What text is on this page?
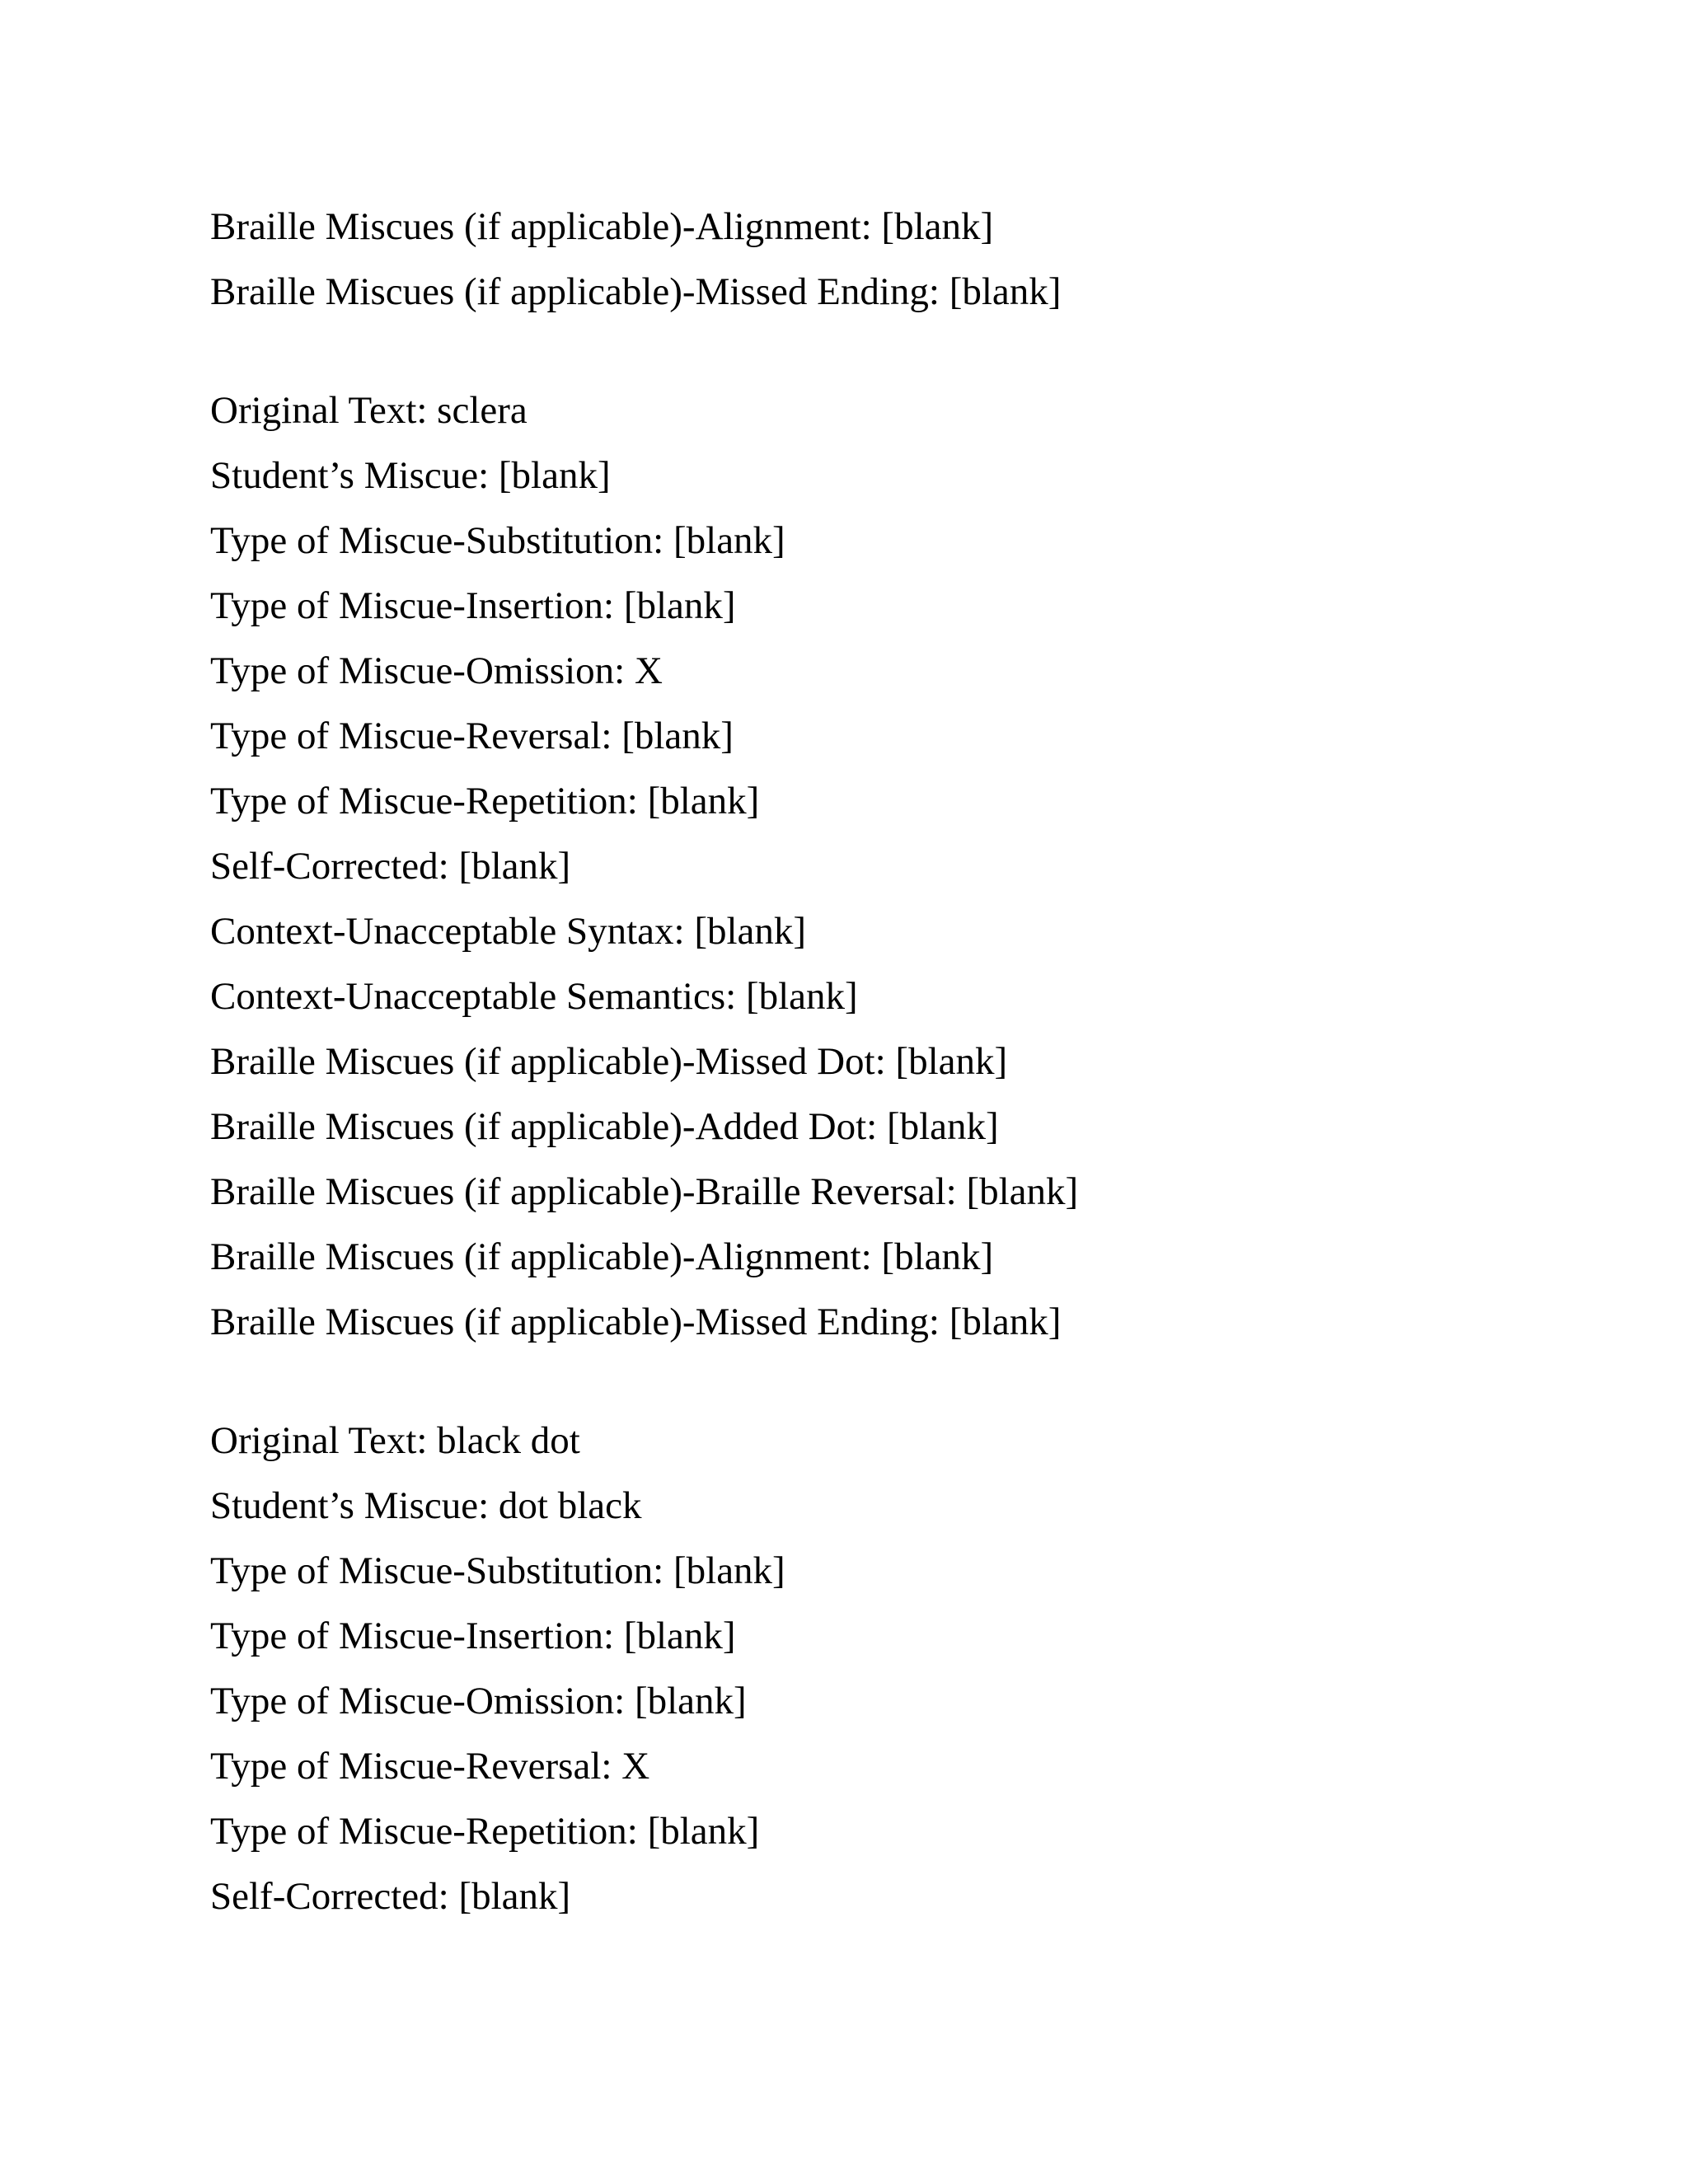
Braille Miscues (if applicable)-Alignment: [blank]
Braille Miscues (if applicable)-Missed Ending: [blank]
Original Text: sclera
Student’s Miscue: [blank]
Type of Miscue-Substitution: [blank]
Type of Miscue-Insertion: [blank]
Type of Miscue-Omission: X
Type of Miscue-Reversal: [blank]
Type of Miscue-Repetition: [blank]
Self-Corrected: [blank]
Context-Unacceptable Syntax: [blank]
Context-Unacceptable Semantics: [blank]
Braille Miscues (if applicable)-Missed Dot: [blank]
Braille Miscues (if applicable)-Added Dot: [blank]
Braille Miscues (if applicable)-Braille Reversal: [blank]
Braille Miscues (if applicable)-Alignment: [blank]
Braille Miscues (if applicable)-Missed Ending: [blank]
Original Text: black dot
Student’s Miscue: dot black
Type of Miscue-Substitution: [blank]
Type of Miscue-Insertion: [blank]
Type of Miscue-Omission: [blank]
Type of Miscue-Reversal: X
Type of Miscue-Repetition: [blank]
Self-Corrected: [blank]
